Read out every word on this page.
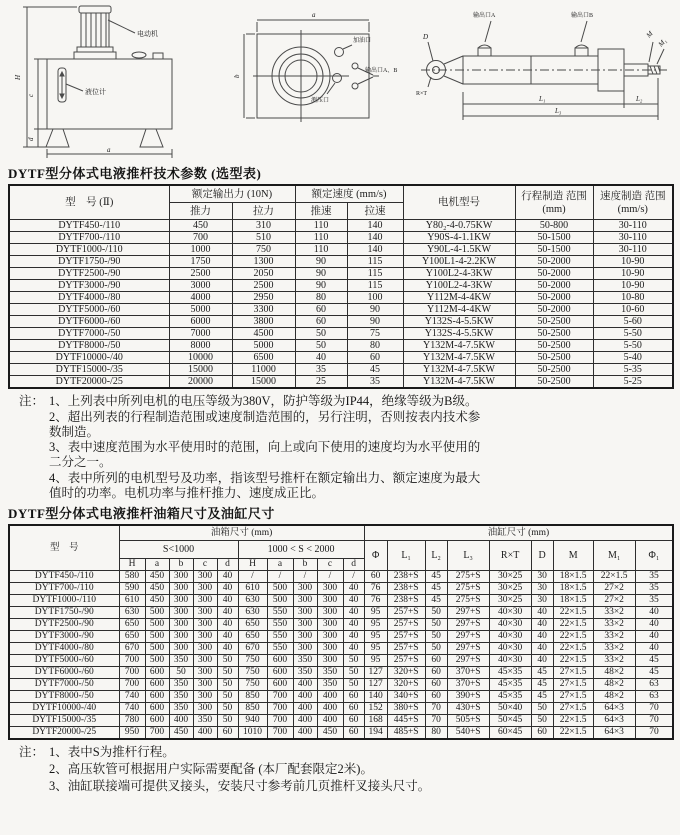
电动机
液位计
H
c
d
a
加油口
测压口
输出口A、B
a
b
输出口A	输出口B
D
R×T
M
M₁
L₁	L₂
L₃
DYTF型分体式电液推杆技术参数 (选型表)
型　号 (Ⅱ)	额定输出力 (10N)		额定速度 (mm/s)		电机型号	行程制造 范围 (mm)	速度制造 范围 (mm/s)
	推力	拉力	推速	拉速			
DYTF450-/110	450	310	110	140	Y80₂-4-0.75KW	50-800	30-110
DYTF700-/110	700	510	110	140	Y90S-4-1.1KW	50-1500	30-110
DYTF1000-/110	1000	750	110	140	Y90L-4-1.5KW	50-1500	30-110
DYTF1750-/90	1750	1300	90	115	Y100L1-4-2.2KW	50-2000	10-90
DYTF2500-/90	2500	2050	90	115	Y100L2-4-3KW	50-2000	10-90
DYTF3000-/90	3000	2500	90	115	Y100L2-4-3KW	50-2000	10-90
DYTF4000-/80	4000	2950	80	100	Y112M-4-4KW	50-2000	10-80
DYTF5000-/60	5000	3300	60	90	Y112M-4-4KW	50-2000	10-60
DYTF6000-/60	6000	3800	60	90	Y132S-4-5.5KW	50-2500	5-60
DYTF7000-/50	7000	4500	50	75	Y132S-4-5.5KW	50-2500	5-50
DYTF8000-/50	8000	5000	50	80	Y132M-4-7.5KW	50-2500	5-50
DYTF10000-/40	10000	6500	40	60	Y132M-4-7.5KW	50-2500	5-40
DYTF15000-/35	15000	11000	35	45	Y132M-4-7.5KW	50-2500	5-35
DYTF20000-/25	20000	15000	25	35	Y132M-4-7.5KW	50-2500	5-25
注： 1、上列表中所列电机的电压等级为380V，防护等级为IP44，绝缘等级为B级。
2、超出列表的行程制造范围或速度制造范围的，另行注明，否则按表内技术参数制造。
3、表中速度范围为水平使用时的范围，向上或向下使用的速度均为水平使用的二分之一。
4、表中所列的电机型号及功率，指该型号推杆在额定输出力、额定速度为最大值时的功率。电机功率与推杆推力、速度成正比。
DYTF型分体式电液推杆油箱尺寸及油缸尺寸
型　号	油箱尺寸 (mm)										油缸尺寸 (mm)								
	S<1000					1000 < S < 2000					Φ	L₁	L₂	L₃	R×T	D	M	M₁	Φ₁
	H	a	b	c	d	H	a	b	c	d									
DYTF450-/110	580	450	300	300	40	/	/	/	/	/	60	238+S	45	275+S	30×25	30	18×1.5	22×1.5	35
DYTF700-/110	590	450	300	300	40	610	500	300	300	40	76	238+S	45	275+S	30×25	30	18×1.5	27×2	35
DYTF1000-/110	610	450	300	300	40	630	500	300	300	40	76	238+S	45	275+S	30×25	30	18×1.5	27×2	35
DYTF1750-/90	630	500	300	300	40	630	550	300	300	40	95	257+S	50	297+S	40×30	40	22×1.5	33×2	40
DYTF2500-/90	650	500	300	300	40	650	550	300	300	40	95	257+S	50	297+S	40×30	40	22×1.5	33×2	40
DYTF3000-/90	650	500	300	300	40	650	550	300	300	40	95	257+S	50	297+S	40×30	40	22×1.5	33×2	40
DYTF4000-/80	670	500	300	300	40	670	550	300	300	40	95	257+S	50	297+S	40×30	40	22×1.5	33×2	40
DYTF5000-/60	700	500	350	300	50	750	600	350	300	50	95	257+S	60	297+S	40×30	40	22×1.5	33×2	45
DYTF6000-/60	700	600	50	300	50	750	600	350	350	50	127	320+S	60	370+S	45×35	45	27×1.5	48×2	45
DYTF7000-/50	700	600	350	300	50	750	600	400	350	50	127	320+S	60	370+S	45×35	45	27×1.5	48×2	63
DYTF8000-/50	740	600	350	300	50	850	700	400	400	60	140	340+S	60	390+S	45×35	45	27×1.5	48×2	63
DYTF10000-/40	740	600	350	300	50	850	700	400	400	60	152	380+S	70	430+S	50×40	50	27×1.5	64×3	70
DYTF15000-/35	780	600	400	350	50	940	700	400	400	60	168	445+S	70	505+S	50×45	50	22×1.5	64×3	70
DYTF20000-/25	950	700	450	400	60	1010	700	400	450	60	194	485+S	80	540+S	60×45	60	22×1.5	64×3	70
注： 1、表中S为推杆行程。
2、高压软管可根据用户实际需要配备 (本厂配套限定2米)。
3、油缸联接端可提供叉接头，安装尺寸参考前几页推杆叉接头尺寸。
